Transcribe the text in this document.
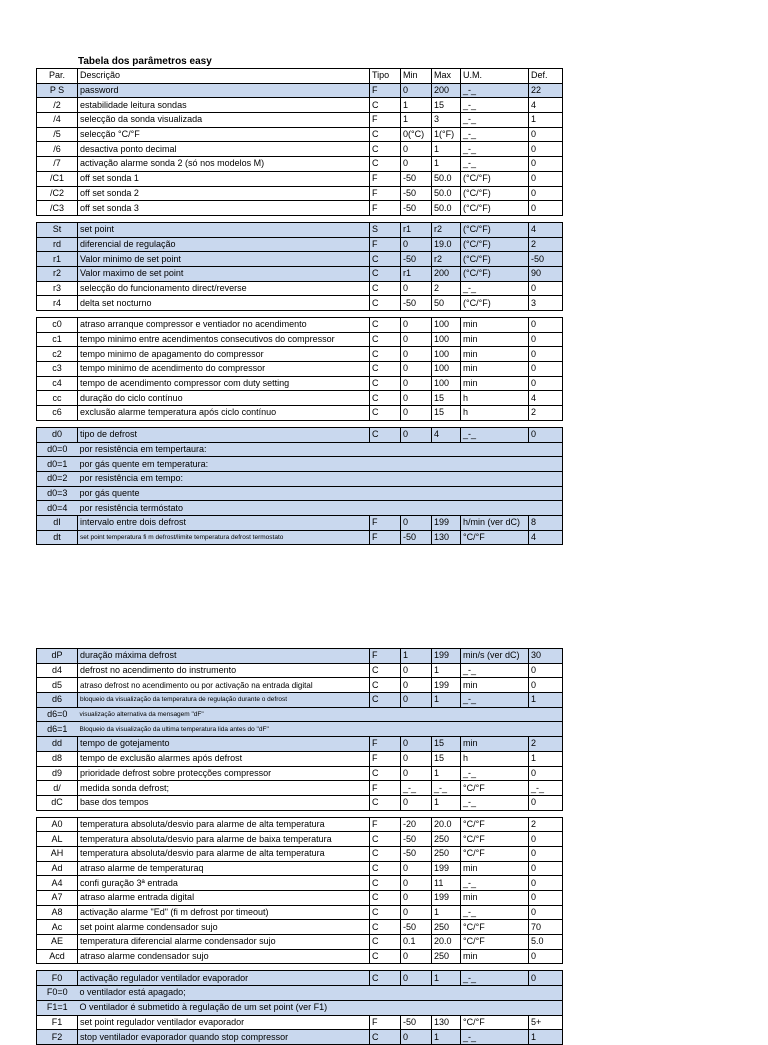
Tabela dos parâmetros easy
Par.	Descrição	Tipo	Min	Max	U.M.	Def.
P S	password	F	0	200	_-_	22
/2	estabilidade leitura sondas	C	1	15	_-_	4
/4	selecção da sonda visualizada	F	1	3	_-_	1
/5	selecção °C/°F	C	0(°C)	1(°F)	_-_	0
/6	desactiva ponto decimal	C	0	1	_-_	0
/7	activação alarme sonda 2 (só nos modelos M)	C	0	1	_-_	0
/C1	off set sonda 1	F	-50	50.0	(°C/°F)	0
/C2	off set sonda 2	F	-50	50.0	(°C/°F)	0
/C3	off set sonda 3	F	-50	50.0	(°C/°F)	0

St	set point	S	r1	r2	(°C/°F)	4
rd	diferencial de regulação	F	0	19.0	(°C/°F)	2
r1	Valor minimo de set point	C	-50	r2	(°C/°F)	-50
r2	Valor maximo de set point	C	r1	200	(°C/°F)	90
r3	selecção do funcionamento direct/reverse	C	0	2	_-_	0
r4	delta set nocturno	C	-50	50	(°C/°F)	3

c0	atraso arranque compressor e ventiador no acendimento	C	0	100	min	0
c1	tempo minimo entre acendimentos consecutivos do compressor	C	0	100	min	0
c2	tempo minimo de apagamento do compressor	C	0	100	min	0
c3	tempo minimo de acendimento do compressor	C	0	100	min	0
c4	tempo de acendimento compressor com duty setting	C	0	100	min	0
cc	duração do ciclo contínuo	C	0	15	h	4
c6	exclusão alarme temperatura após ciclo contínuo	C	0	15	h	2

d0	tipo de defrost	C	0	4	_-_	0
d0=0	por resistência em tempertaura:					
d0=1	por gás quente em temperatura:					
d0=2	por resistência em tempo:					
d0=3	por gás quente					
d0=4	por resistência termóstato					
dI	intervalo entre dois defrost	F	0	199	h/min (ver dC)	8
dt	set point temperatura fi m defrost/limite temperatura defrost termostato	F	-50	130	°C/°F	4
dP	duração máxima defrost	F	1	199	min/s (ver dC)	30
d4	defrost no acendimento do instrumento	C	0	1	_-_	0
d5	atraso defrost no acendimento ou por activação na entrada digital	C	0	199	min	0
d6	bloqueio da visualização da temperatura de regulação durante o defrost	C	0	1	_-_	1
d6=0	visualização alternativa da mensagem "dF"					
d6=1	Bloqueio da visualização da ultima temperatura lida antes do "dF"					
dd	tempo de gotejamento	F	0	15	min	2
d8	tempo de exclusão alarmes após defrost	F	0	15	h	1
d9	prioridade defrost sobre protecções compressor	C	0	1	_-_	0
d/	medida sonda defrost;	F	_-_	_-_	°C/°F	_-_
dC	base dos tempos	C	0	1	_-_	0

A0	temperatura absoluta/desvio para alarme de alta temperatura	F	-20	20.0	°C/°F	2
AL	temperatura absoluta/desvio para alarme de baixa temperatura	C	-50	250	°C/°F	0
AH	temperatura absoluta/desvio para alarme de alta temperatura	C	-50	250	°C/°F	0
Ad	atraso alarme de temperaturaq	C	0	199	min	0
A4	confi guração 3ª entrada	C	0	11	_-_	0
A7	atraso alarme entrada digital	C	0	199	min	0
A8	activação alarme "Ed" (fi m defrost por timeout)	C	0	1	_-_	0
Ac	set point alarme condensador sujo	C	-50	250	°C/°F	70
AE	temperatura diferencial alarme condensador sujo	C	0.1	20.0	°C/°F	5.0
Acd	atraso alarme condensador sujo	C	0	250	min	0

F0	activação regulador ventilador evaporador	C	0	1	_-_	0
F0=0	o ventilador está apagado;					
F1=1	O ventilador é submetido à regulação de um set point (ver F1)					
F1	set point regulador ventilador evaporador	F	-50	130	°C/°F	5+
F2	stop ventilador evaporador quando stop compressor	C	0	1	_-_	1
